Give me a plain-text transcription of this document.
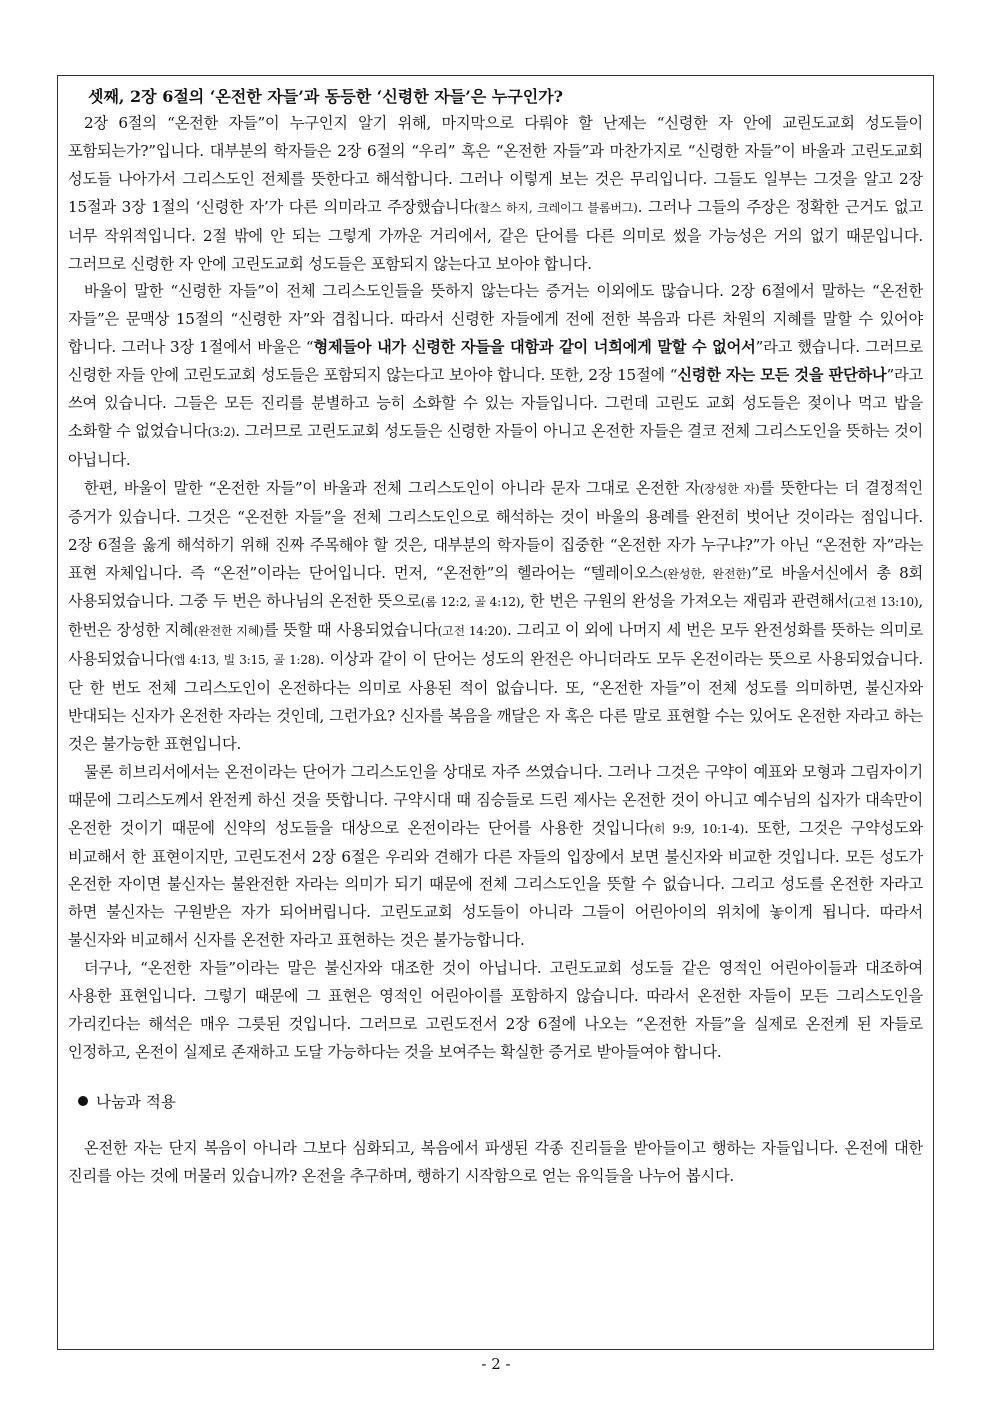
셋째, 2장 6절의 ‘온전한 자들’과 동등한 ‘신령한 자들’은 누구인가?

2장 6절의 “온전한 자들”이 누구인지 알기 위해, 마지막으로 다뤄야 할 난제는 “신령한 자 안에 교린도교회 성도들이 포함되는가?”입니다. 대부분의 학자들은 2장 6절의 “우리” 혹은 “온전한 자들”과 마찬가지로 “신령한 자들”이 바울과 고린도교회 성도들 나아가서 그리스도인 전체를 뜻한다고 해석합니다. 그러나 이렇게 보는 것은 무리입니다. 그들도 일부는 그것을 알고 2장 15절과 3장 1절의 ‘신령한 자’가 다른 의미라고 주장했습니다(찰스 하지, 크레이그 블롬버그). 그러나 그들의 주장은 정확한 근거도 없고 너무 작위적입니다. 2절 밖에 안 되는 그렇게 가까운 거리에서, 같은 단어를 다른 의미로 썼을 가능성은 거의 없기 때문입니다. 그러므로 신령한 자 안에 고린도교회 성도들은 포함되지 않는다고 보아야 합니다.

바울이 말한 “신령한 자들”이 전체 그리스도인들을 뜻하지 않는다는 증거는 이외에도 많습니다. 2장 6절에서 말하는 “온전한 자들”은 문맥상 15절의 “신령한 자”와 겹칩니다. 따라서 신령한 자들에게 전에 전한 복음과 다른 차원의 지혜를 말할 수 있어야 합니다. 그러나 3장 1절에서 바울은 “형제들아 내가 신령한 자들을 대함과 같이 너희에게 말할 수 없어서”라고 했습니다. 그러므로 신령한 자들 안에 고린도교회 성도들은 포함되지 않는다고 보아야 합니다. 또한, 2장 15절에 “신령한 자는 모든 것을 판단하나”라고 쓰여 있습니다. 그들은 모든 진리를 분별하고 능히 소화할 수 있는 자들입니다. 그런데 고린도 교회 성도들은 젖이나 먹고 밥을 소화할 수 없었습니다(3:2). 그러므로 고린도교회 성도들은 신령한 자들이 아니고 온전한 자들은 결코 전체 그리스도인을 뜻하는 것이 아닙니다.

한편, 바울이 말한 “온전한 자들”이 바울과 전체 그리스도인이 아니라 문자 그대로 온전한 자(장성한 자)를 뜻한다는 더 결정적인 증거가 있습니다. 그것은 “온전한 자들”을 전체 그리스도인으로 해석하는 것이 바울의 용례를 완전히 벗어난 것이라는 점입니다. 2장 6절을 옳게 해석하기 위해 진짜 주목해야 할 것은, 대부분의 학자들이 집중한 “온전한 자가 누구냐?”가 아닌 “온전한 자”라는 표현 자체입니다. 즉 “온전”이라는 단어입니다. 먼저, “온전한”의 헬라어는 “텔레이오스(완성한, 완전한)”로 바울서신에서 총 8회 사용되었습니다. 그중 두 번은 하나님의 온전한 뜻으로(롬 12:2, 골 4:12), 한 번은 구원의 완성을 가져오는 재림과 관련해서(고전 13:10), 한번은 장성한 지혜(완전한 지혜)를 뜻할 때 사용되었습니다(고전 14:20). 그리고 이 외에 나머지 세 번은 모두 완전성화를 뜻하는 의미로 사용되었습니다(엡 4:13, 빌 3:15, 골 1:28). 이상과 같이 이 단어는 성도의 완전은 아니더라도 모두 온전이라는 뜻으로 사용되었습니다. 단 한 번도 전체 그리스도인이 온전하다는 의미로 사용된 적이 없습니다. 또, “온전한 자들”이 전체 성도를 의미하면, 불신자와 반대되는 신자가 온전한 자라는 것인데, 그런가요? 신자를 복음을 깨달은 자 혹은 다른 말로 표현할 수는 있어도 온전한 자라고 하는 것은 불가능한 표현입니다.

물론 히브리서에서는 온전이라는 단어가 그리스도인을 상대로 자주 쓰였습니다. 그러나 그것은 구약이 예표와 모형과 그림자이기 때문에 그리스도께서 완전케 하신 것을 뜻합니다. 구약시대 때 짐승들로 드린 제사는 온전한 것이 아니고 예수님의 십자가 대속만이 온전한 것이기 때문에 신약의 성도들을 대상으로 온전이라는 단어를 사용한 것입니다(히 9:9, 10:1-4). 또한, 그것은 구약성도와 비교해서 한 표현이지만, 고린도전서 2장 6절은 우리와 견해가 다른 자들의 입장에서 보면 불신자와 비교한 것입니다. 모든 성도가 온전한 자이면 불신자는 불완전한 자라는 의미가 되기 때문에 전체 그리스도인을 뜻할 수 없습니다. 그리고 성도를 온전한 자라고 하면 불신자는 구원받은 자가 되어버립니다. 고린도교회 성도들이 아니라 그들이 어린아이의 위치에 놓이게 됩니다. 따라서 불신자와 비교해서 신자를 온전한 자라고 표현하는 것은 불가능합니다.

더구나, “온전한 자들”이라는 말은 불신자와 대조한 것이 아닙니다. 고린도교회 성도들 같은 영적인 어린아이들과 대조하여 사용한 표현입니다. 그렇기 때문에 그 표현은 영적인 어린아이를 포함하지 않습니다. 따라서 온전한 자들이 모든 그리스도인을 가리킨다는 해석은 매우 그릇된 것입니다. 그러므로 고린도전서 2장 6절에 나오는 “온전한 자들”을 실제로 온전케 된 자들로 인정하고, 온전이 실제로 존재하고 도달 가능하다는 것을 보여주는 확실한 증거로 받아들여야 합니다.

나눔과 적용

온전한 자는 단지 복음이 아니라 그보다 심화되고, 복음에서 파생된 각종 진리들을 받아들이고 행하는 자들입니다. 온전에 대한 진리를 아는 것에 머물러 있습니까? 온전을 추구하며, 행하기 시작함으로 얻는 유익들을 나누어 봅시다.

- 2 -
